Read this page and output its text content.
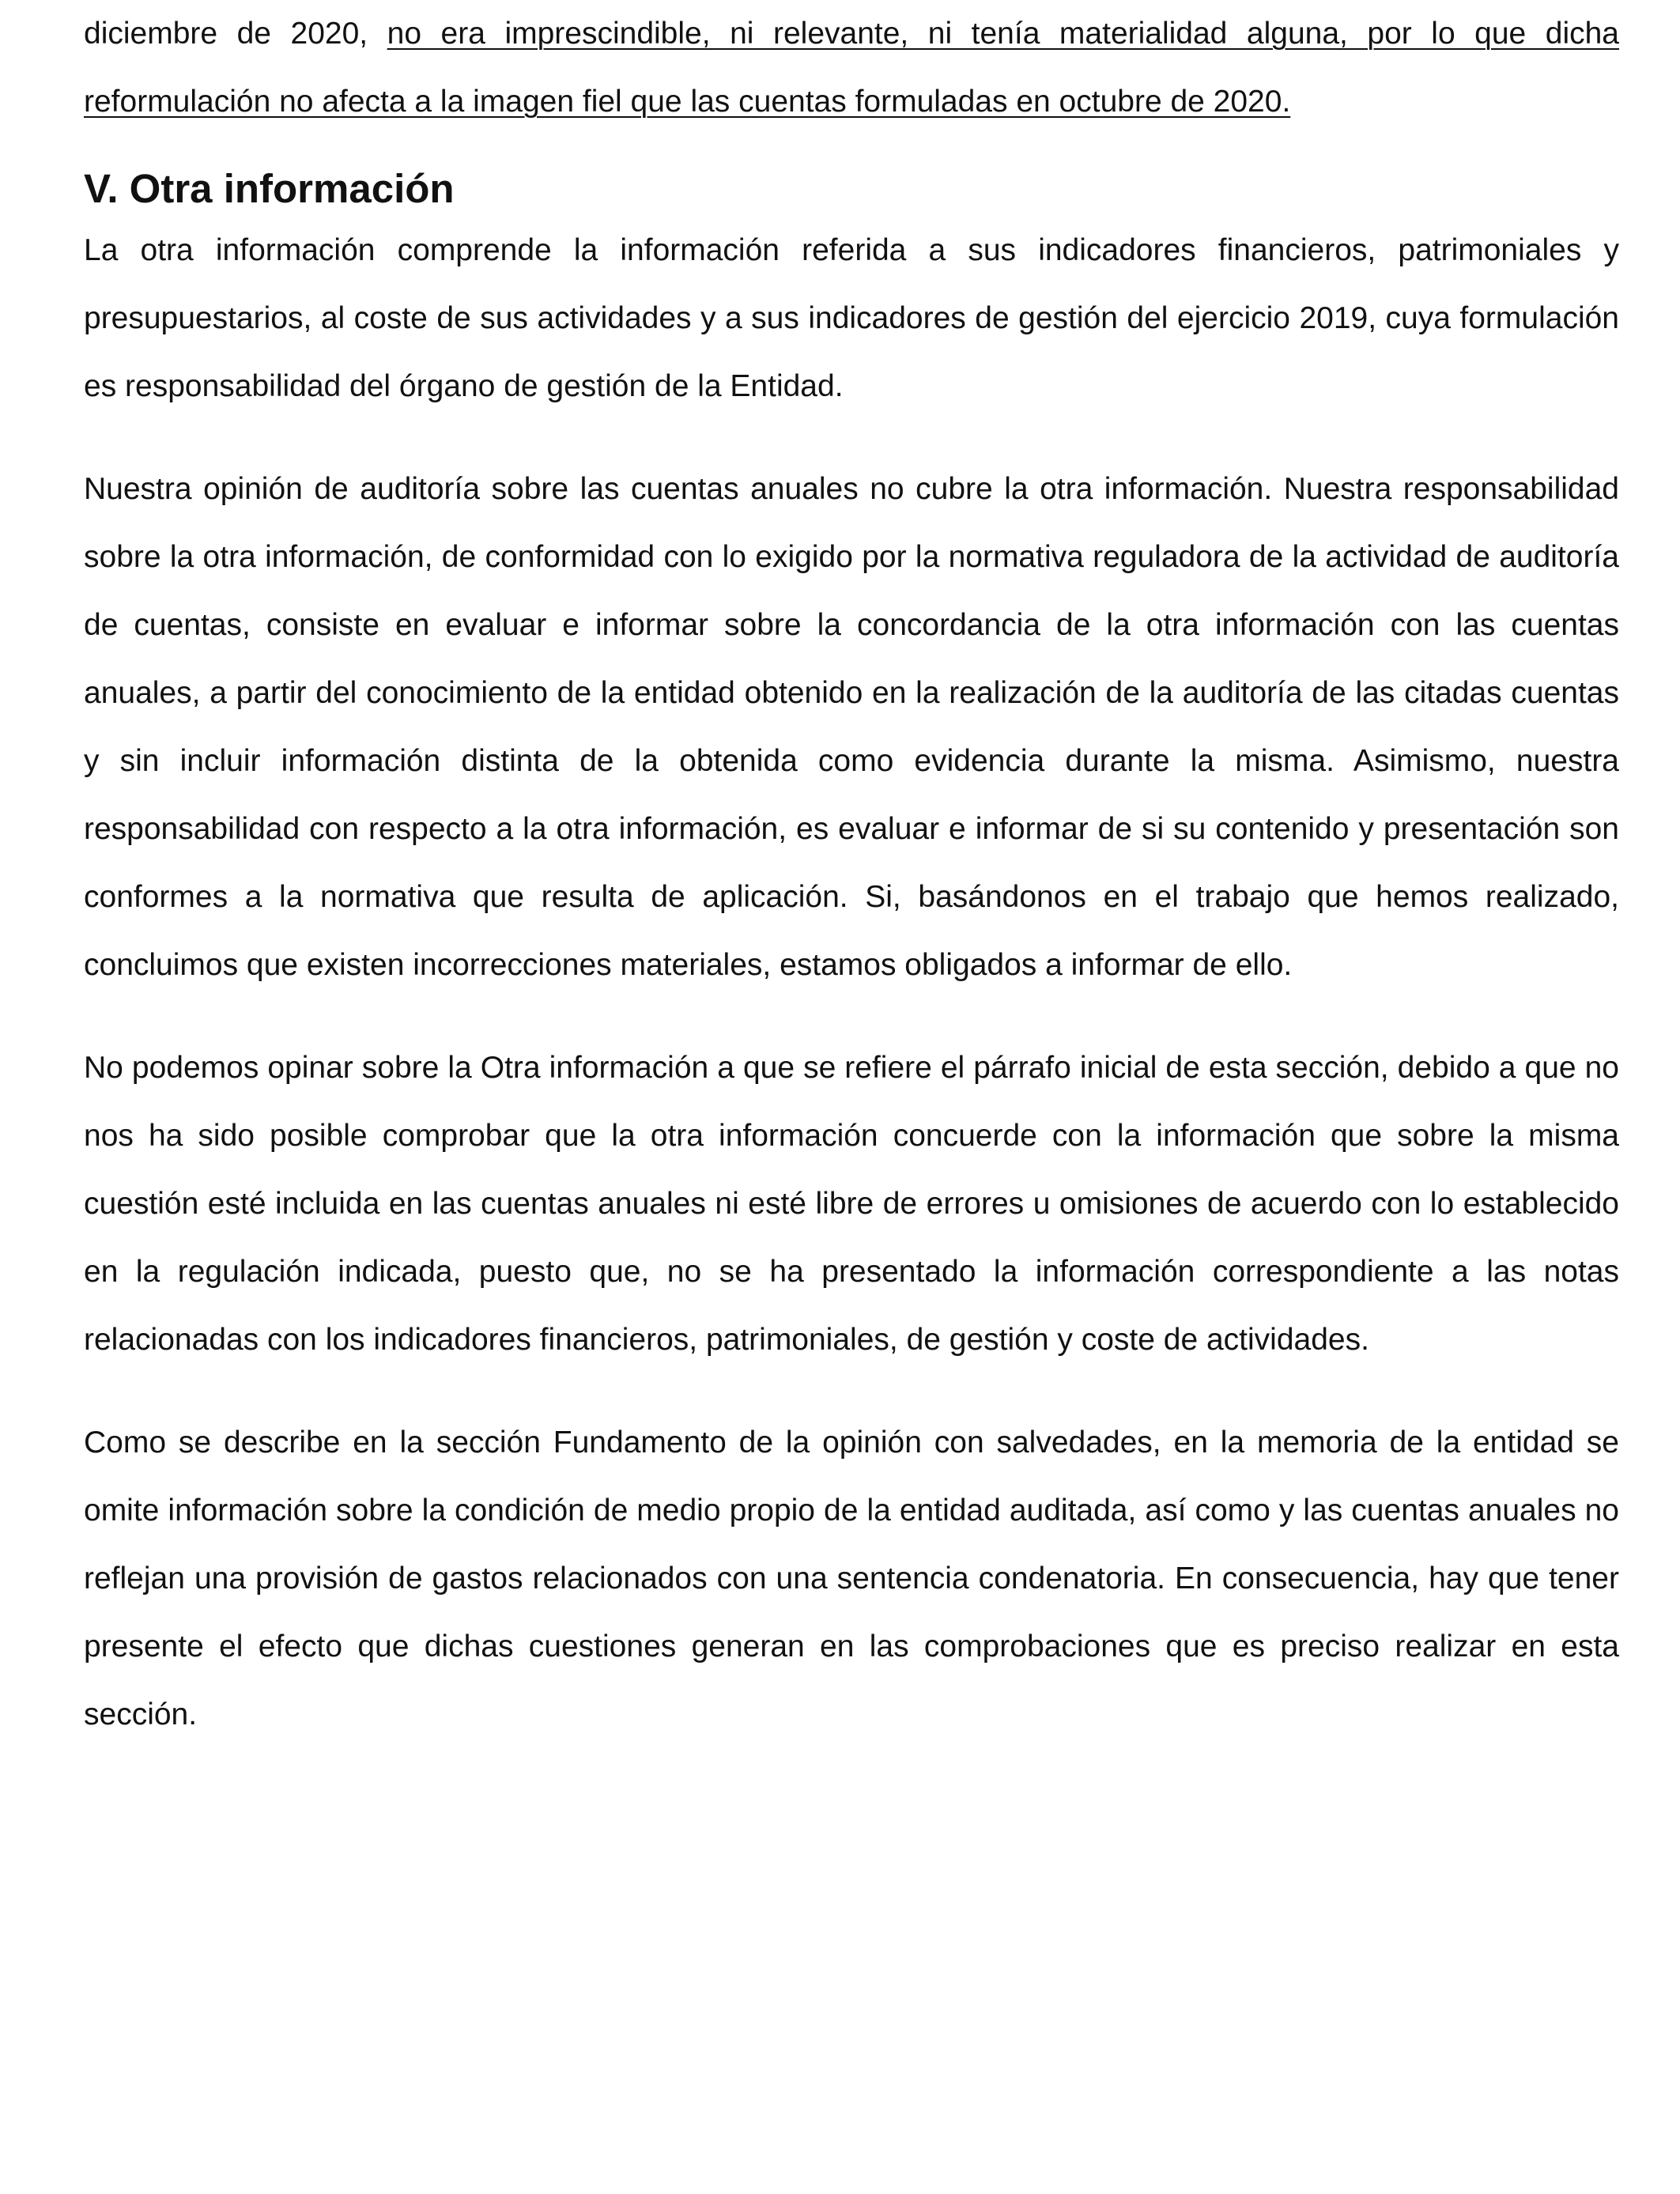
diciembre de 2020, no era imprescindible, ni relevante, ni tenía materialidad alguna, por lo que dicha reformulación no afecta a la imagen fiel que las cuentas formuladas en octubre de 2020.

V. Otra información

La otra información comprende la información referida a sus indicadores financieros, patrimoniales y presupuestarios, al coste de sus actividades y a sus indicadores de gestión del ejercicio 2019, cuya formulación es responsabilidad del órgano de gestión de la Entidad.

Nuestra opinión de auditoría sobre las cuentas anuales no cubre la otra información. Nuestra responsabilidad sobre la otra información, de conformidad con lo exigido por la normativa reguladora de la actividad de auditoría de cuentas, consiste en evaluar e informar sobre la concordancia de la otra información con las cuentas anuales, a partir del conocimiento de la entidad obtenido en la realización de la auditoría de las citadas cuentas y sin incluir información distinta de la obtenida como evidencia durante la misma. Asimismo, nuestra responsabilidad con respecto a la otra información, es evaluar e informar de si su contenido y presentación son conformes a la normativa que resulta de aplicación. Si, basándonos en el trabajo que hemos realizado, concluimos que existen incorrecciones materiales, estamos obligados a informar de ello.

No podemos opinar sobre la Otra información a que se refiere el párrafo inicial de esta sección, debido a que no nos ha sido posible comprobar que la otra información concuerde con la información que sobre la misma cuestión esté incluida en las cuentas anuales ni esté libre de errores u omisiones de acuerdo con lo establecido en la regulación indicada, puesto que, no se ha presentado la información correspondiente a las notas relacionadas con los indicadores financieros, patrimoniales, de gestión y coste de actividades.

Como se describe en la sección Fundamento de la opinión con salvedades, en la memoria de la entidad se omite información sobre la condición de medio propio de la entidad auditada, así como y las cuentas anuales no reflejan una provisión de gastos relacionados con una sentencia condenatoria. En consecuencia, hay que tener presente el efecto que dichas cuestiones generan en las comprobaciones que es preciso realizar en esta sección.
